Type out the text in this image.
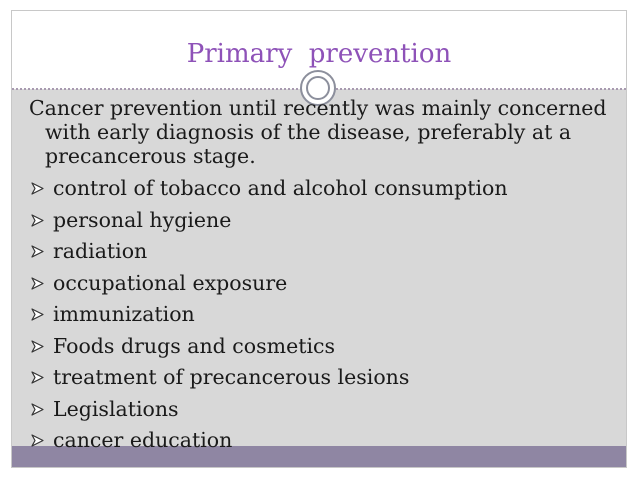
Primary  prevention

Cancer prevention until recently was mainly concerned with early diagnosis of the disease, preferably at a precancerous stage.

control of tobacco and alcohol consumption
personal hygiene
radiation
occupational exposure
immunization
Foods drugs and cosmetics
treatment of precancerous lesions
Legislations
cancer education
